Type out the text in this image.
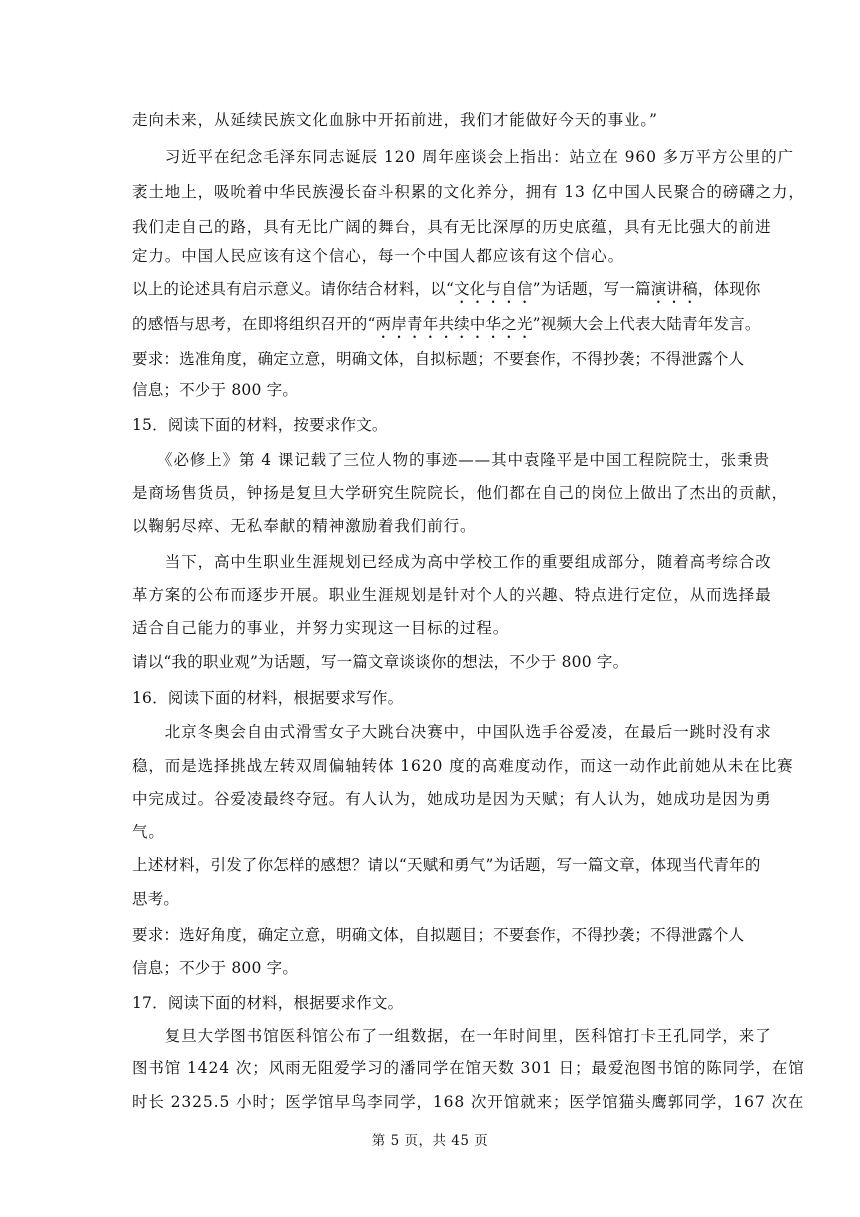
走向未来，从延续民族文化血脉中开拓前进，我们才能做好今天的事业。”
　　习近平在纪念毛泽东同志诞辰 120 周年座谈会上指出：站立在 960 多万平方公里的广
袤土地上，吸吮着中华民族漫长奋斗积累的文化养分，拥有 13 亿中国人民聚合的磅礴之力，
我们走自己的路，具有无比广阔的舞台，具有无比深厚的历史底蕴，具有无比强大的前进
定力。中国人民应该有这个信心，每一个中国人都应该有这个信心。
以上的论述具有启示意义。请你结合材料，以“文化与自信”为话题，写一篇演讲稿，体现你
的感悟与思考，在即将组织召开的“两岸青年共续中华之光”视频大会上代表大陆青年发言。
要求：选准角度，确定立意，明确文体，自拟标题；不要套作，不得抄袭；不得泄露个人
信息；不少于 800 字。
15．阅读下面的材料，按要求作文。
　　《必修上》第 4 课记载了三位人物的事迹——其中袁隆平是中国工程院院士，张秉贵
是商场售货员，钟扬是复旦大学研究生院院长，他们都在自己的岗位上做出了杰出的贡献，
以鞠躬尽瘁、无私奉献的精神激励着我们前行。
　　当下，高中生职业生涯规划已经成为高中学校工作的重要组成部分，随着高考综合改
革方案的公布而逐步开展。职业生涯规划是针对个人的兴趣、特点进行定位，从而选择最
适合自己能力的事业，并努力实现这一目标的过程。
请以“我的职业观”为话题，写一篇文章谈谈你的想法，不少于 800 字。
16．阅读下面的材料，根据要求写作。
　　北京冬奥会自由式滑雪女子大跳台决赛中，中国队选手谷爱凌，在最后一跳时没有求
稳，而是选择挑战左转双周偏轴转体 1620 度的高难度动作，而这一动作此前她从未在比赛
中完成过。谷爱凌最终夺冠。有人认为，她成功是因为天赋；有人认为，她成功是因为勇
气。
上述材料，引发了你怎样的感想？请以“天赋和勇气”为话题，写一篇文章，体现当代青年的
思考。
要求：选好角度，确定立意，明确文体，自拟题目；不要套作，不得抄袭；不得泄露个人
信息；不少于 800 字。
17．阅读下面的材料，根据要求作文。
　　复旦大学图书馆医科馆公布了一组数据，在一年时间里，医科馆打卡王孔同学，来了
图书馆 1424 次；风雨无阻爱学习的潘同学在馆天数 301 日；最爱泡图书馆的陈同学，在馆
时长 2325.5 小时；医学馆早鸟李同学，168 次开馆就来；医学馆猫头鹰郭同学，167 次在
第 5 页，共 45 页
